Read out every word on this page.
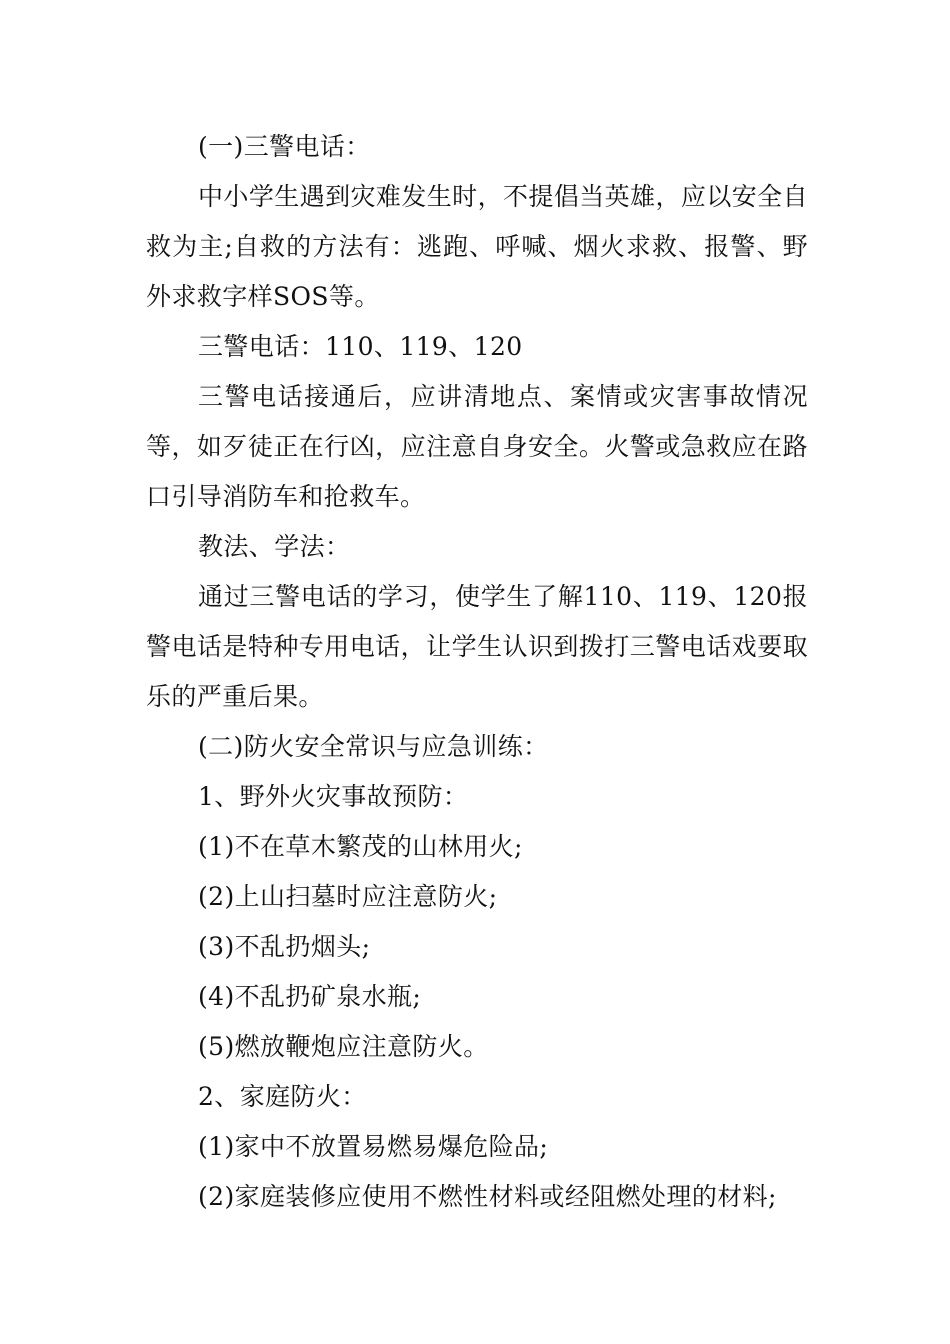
(一)三警电话：

中小学生遇到灾难发生时，不提倡当英雄，应以安全自救为主;自救的方法有：逃跑、呼喊、烟火求救、报警、野外求救字样SOS等。

三警电话：110、119、120

三警电话接通后，应讲清地点、案情或灾害事故情况等，如歹徒正在行凶，应注意自身安全。火警或急救应在路口引导消防车和抢救车。

教法、学法：

通过三警电话的学习，使学生了解110、119、120报警电话是特种专用电话，让学生认识到拨打三警电话戏要取乐的严重后果。

(二)防火安全常识与应急训练：

1、野外火灾事故预防：

(1)不在草木繁茂的山林用火;

(2)上山扫墓时应注意防火;

(3)不乱扔烟头;

(4)不乱扔矿泉水瓶;

(5)燃放鞭炮应注意防火。

2、家庭防火：

(1)家中不放置易燃易爆危险品;

(2)家庭装修应使用不燃性材料或经阻燃处理的材料;
